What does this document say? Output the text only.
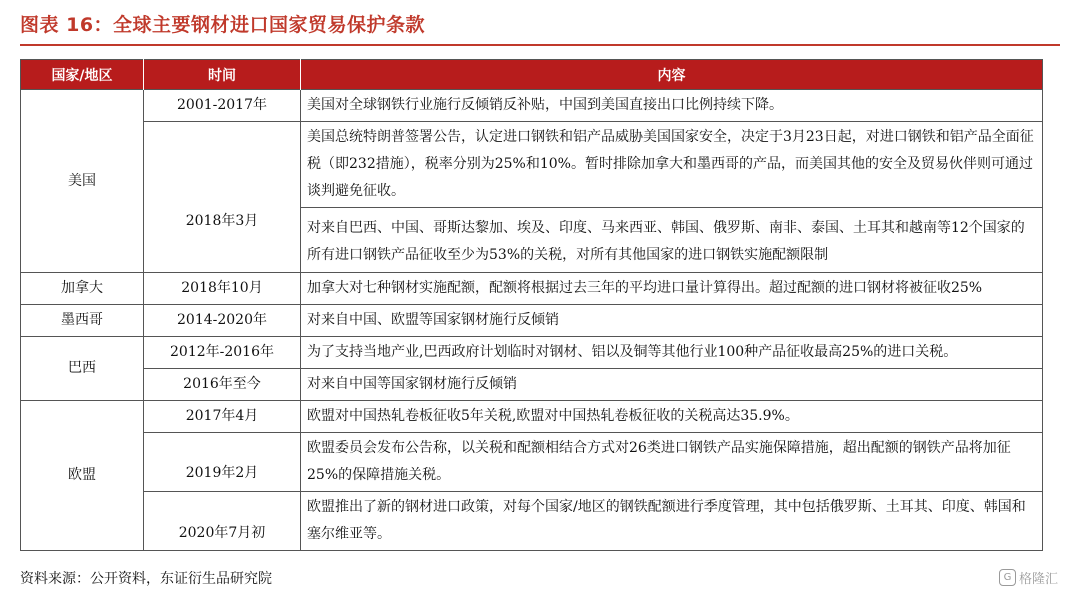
图表 16：全球主要钢材进口国家贸易保护条款
国家/地区	时间	内容
美国	2001-2017年	美国对全球钢铁行业施行反倾销反补贴，中国到美国直接出口比例持续下降。
	2018年3月	美国总统特朗普签署公告，认定进口钢铁和铝产品威胁美国国家安全，决定于3月23日起，对进口钢铁和铝产品全面征税（即232措施），税率分别为25%和10%。暂时排除加拿大和墨西哥的产品，而美国其他的安全及贸易伙伴则可通过谈判避免征收。
		对来自巴西、中国、哥斯达黎加、埃及、印度、马来西亚、韩国、俄罗斯、南非、泰国、土耳其和越南等12个国家的所有进口钢铁产品征收至少为53%的关税，对所有其他国家的进口钢铁实施配额限制
加拿大	2018年10月	加拿大对七种钢材实施配额，配额将根据过去三年的平均进口量计算得出。超过配额的进口钢材将被征收25%
墨西哥	2014-2020年	对来自中国、欧盟等国家钢材施行反倾销
巴西	2012年-2016年	为了支持当地产业,巴西政府计划临时对钢材、铝以及铜等其他行业100种产品征收最高25%的进口关税。
	2016年至今	对来自中国等国家钢材施行反倾销
欧盟	2017年4月	欧盟对中国热轧卷板征收5年关税,欧盟对中国热轧卷板征收的关税高达35.9%。
	2019年2月	欧盟委员会发布公告称，以关税和配额相结合方式对26类进口钢铁产品实施保障措施，超出配额的钢铁产品将加征25%的保障措施关税。
	2020年7月初	欧盟推出了新的钢材进口政策，对每个国家/地区的钢铁配额进行季度管理，其中包括俄罗斯、土耳其、印度、韩国和塞尔维亚等。
资料来源：公开资料，东证衍生品研究院	G 格隆汇
